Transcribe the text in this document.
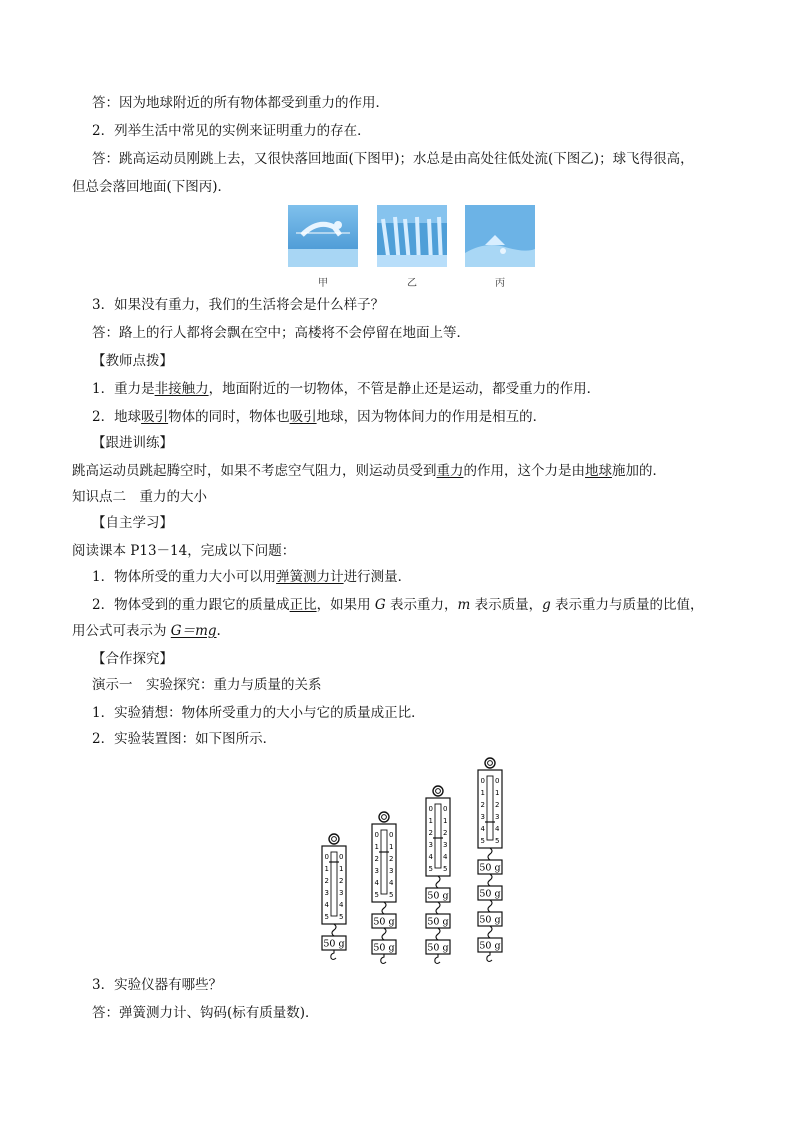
答：因为地球附近的所有物体都受到重力的作用．
2．列举生活中常见的实例来证明重力的存在．
答：跳高运动员刚跳上去，又很快落回地面(下图甲)；水总是由高处往低处流(下图乙)；球飞得很高，
但总会落回地面(下图丙)．
甲	乙	丙
3．如果没有重力，我们的生活将会是什么样子？
答：路上的行人都将会飘在空中；高楼将不会停留在地面上等．
【教师点拨】
1．重力是非接触力，地面附近的一切物体，不管是静止还是运动，都受重力的作用．
2．地球吸引物体的同时，物体也吸引地球，因为物体间力的作用是相互的．
【跟进训练】
跳高运动员跳起腾空时，如果不考虑空气阻力，则运动员受到重力的作用，这个力是由地球施加的．
知识点二　重力的大小
【自主学习】
阅读课本 P13－14，完成以下问题：
1．物体所受的重力大小可以用弹簧测力计进行测量．
2．物体受到的重力跟它的质量成正比，如果用 G 表示重力，m 表示质量，g 表示重力与质量的比值，
用公式可表示为 G＝mg.
【合作探究】
演示一　实验探究：重力与质量的关系
1．实验猜想：物体所受重力的大小与它的质量成正比．
2．实验装置图：如下图所示．
0 0
1 1
2 2
3 3
4 4
5 5
50 g
0 0
1 1
2 2
3 3
4 4
5 5
50 g
50 g
0 0
1 1
2 2
3 3
4 4
5 5
50 g
50 g
50 g
0 0
1 1
2 2
3 3
4 4
5 5
50 g
50 g
50 g
50 g
3．实验仪器有哪些？
答：弹簧测力计、钩码(标有质量数)．
